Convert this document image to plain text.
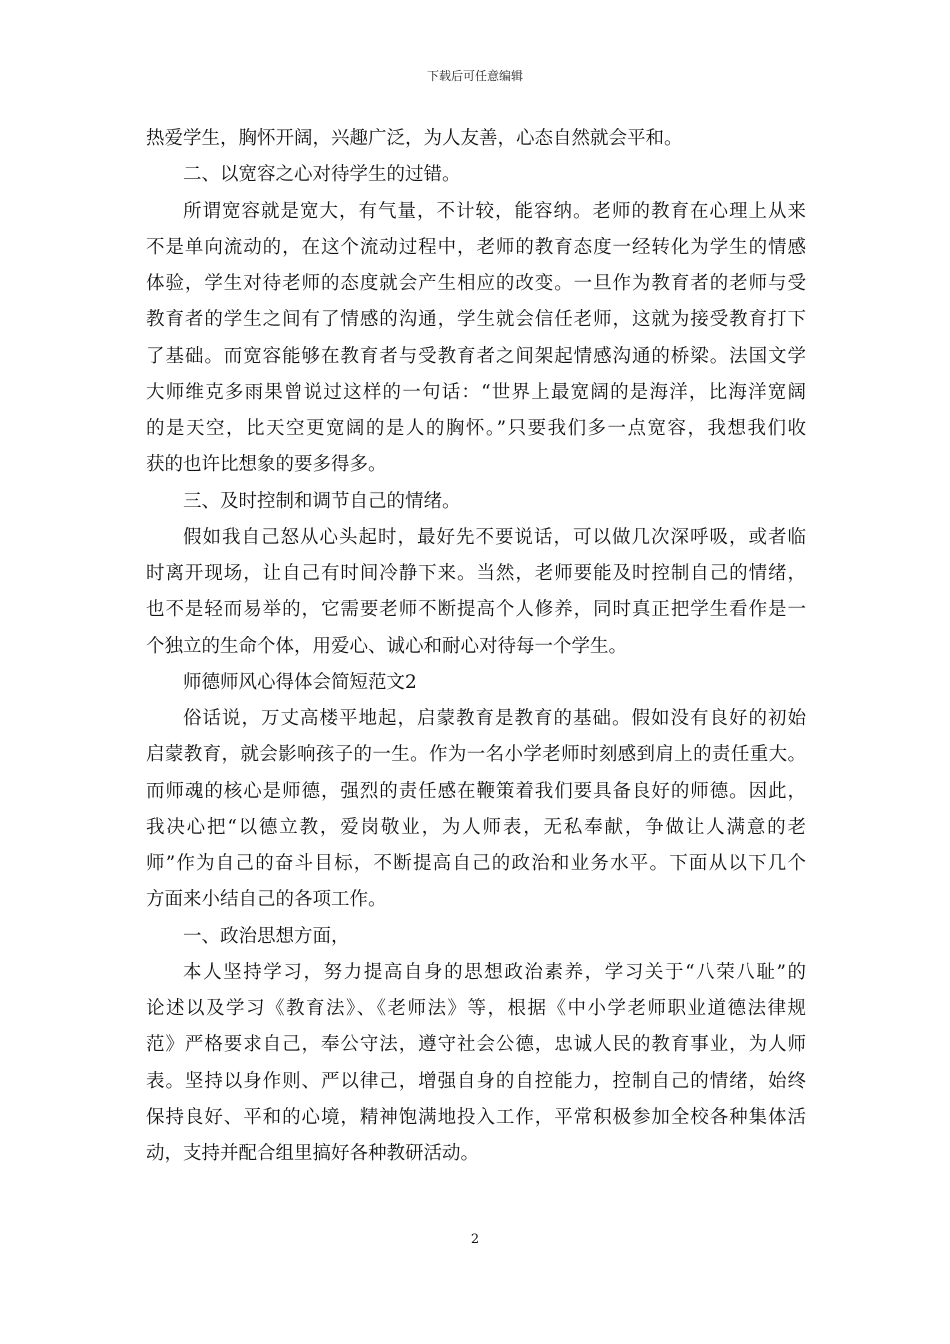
下载后可任意编辑
热爱学生，胸怀开阔，兴趣广泛，为人友善，心态自然就会平和。
二、以宽容之心对待学生的过错。
所谓宽容就是宽大，有气量，不计较，能容纳。老师的教育在心理上从来
不是单向流动的，在这个流动过程中，老师的教育态度一经转化为学生的情感
体验，学生对待老师的态度就会产生相应的改变。一旦作为教育者的老师与受
教育者的学生之间有了情感的沟通，学生就会信任老师，这就为接受教育打下
了基础。而宽容能够在教育者与受教育者之间架起情感沟通的桥梁。法国文学
大师维克多雨果曾说过这样的一句话：“世界上最宽阔的是海洋，比海洋宽阔
的是天空，比天空更宽阔的是人的胸怀。”只要我们多一点宽容，我想我们收
获的也许比想象的要多得多。
三、及时控制和调节自己的情绪。
假如我自己怒从心头起时，最好先不要说话，可以做几次深呼吸，或者临
时离开现场，让自己有时间冷静下来。当然，老师要能及时控制自己的情绪，
也不是轻而易举的，它需要老师不断提高个人修养，同时真正把学生看作是一
个独立的生命个体，用爱心、诚心和耐心对待每一个学生。
师德师风心得体会简短范文2
俗话说，万丈高楼平地起，启蒙教育是教育的基础。假如没有良好的初始
启蒙教育，就会影响孩子的一生。作为一名小学老师时刻感到肩上的责任重大。
而师魂的核心是师德，强烈的责任感在鞭策着我们要具备良好的师德。因此，
我决心把“以德立教，爱岗敬业，为人师表，无私奉献，争做让人满意的老
师”作为自己的奋斗目标，不断提高自己的政治和业务水平。下面从以下几个
方面来小结自己的各项工作。
一、政治思想方面，
本人坚持学习，努力提高自身的思想政治素养，学习关于“八荣八耻”的
论述以及学习《教育法》、《老师法》等，根据《中小学老师职业道德法律规
范》严格要求自己，奉公守法，遵守社会公德，忠诚人民的教育事业，为人师
表。坚持以身作则、严以律己，增强自身的自控能力，控制自己的情绪，始终
保持良好、平和的心境，精神饱满地投入工作，平常积极参加全校各种集体活
动，支持并配合组里搞好各种教研活动。
2
